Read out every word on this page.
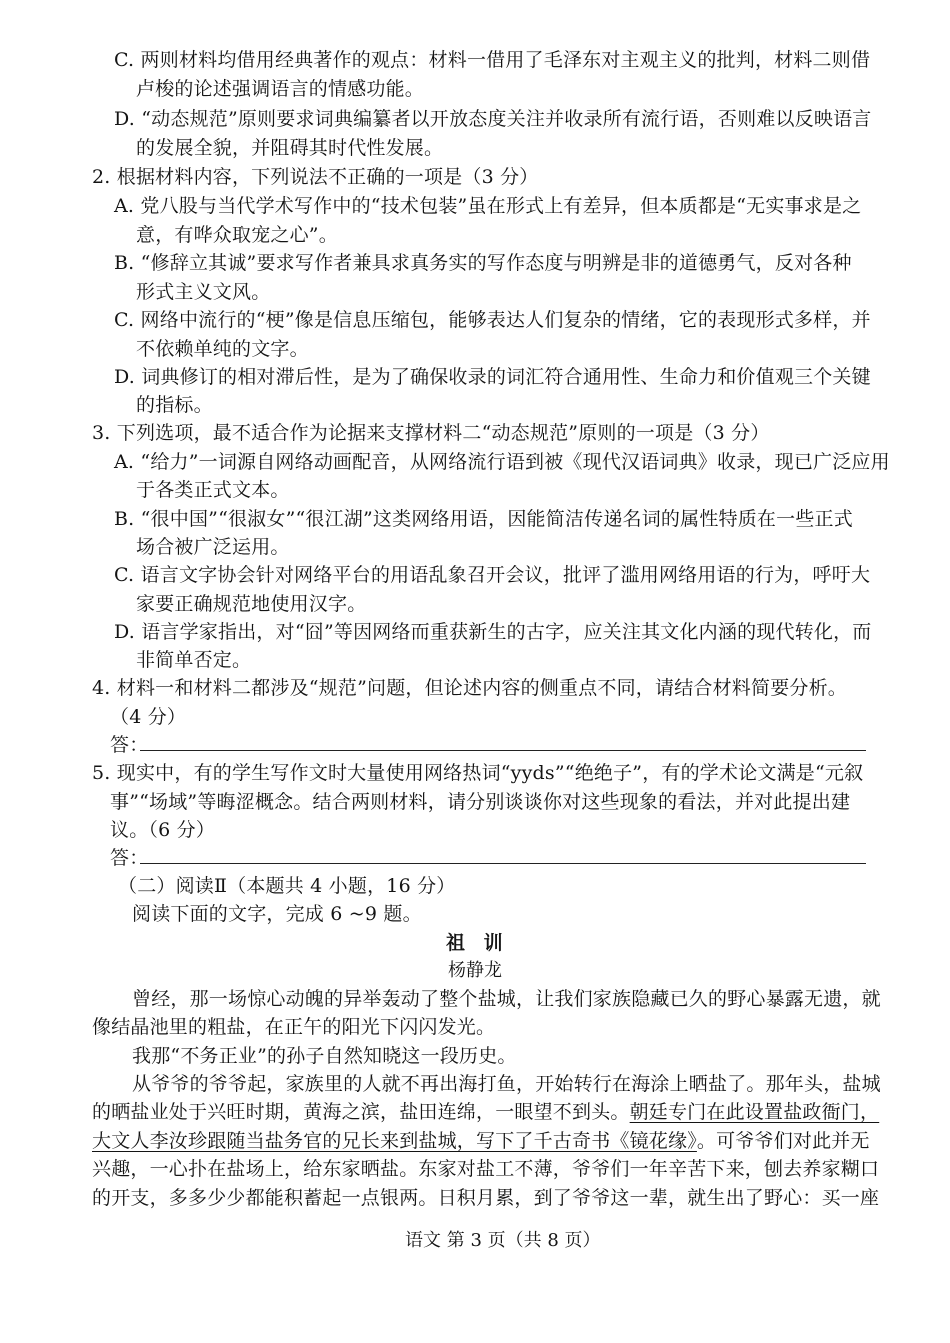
C. 两则材料均借用经典著作的观点：材料一借用了毛泽东对主观主义的批判，材料二则借
卢梭的论述强调语言的情感功能。
D. “动态规范”原则要求词典编纂者以开放态度关注并收录所有流行语，否则难以反映语言
的发展全貌，并阻碍其时代性发展。
2. 根据材料内容，下列说法不正确的一项是（3 分）
A. 党八股与当代学术写作中的“技术包装”虽在形式上有差异，但本质都是“无实事求是之
意，有哗众取宠之心”。
B. “修辞立其诚”要求写作者兼具求真务实的写作态度与明辨是非的道德勇气，反对各种
形式主义文风。
C. 网络中流行的“梗”像是信息压缩包，能够表达人们复杂的情绪，它的表现形式多样，并
不依赖单纯的文字。
D. 词典修订的相对滞后性，是为了确保收录的词汇符合通用性、生命力和价值观三个关键
的指标。
3. 下列选项，最不适合作为论据来支撑材料二“动态规范”原则的一项是（3 分）
A. “给力”一词源自网络动画配音，从网络流行语到被《现代汉语词典》收录，现已广泛应用
于各类正式文本。
B. “很中国”“很淑女”“很江湖”这类网络用语，因能简洁传递名词的属性特质在一些正式
场合被广泛运用。
C. 语言文字协会针对网络平台的用语乱象召开会议，批评了滥用网络用语的行为，呼吁大
家要正确规范地使用汉字。
D. 语言学家指出，对“囧”等因网络而重获新生的古字，应关注其文化内涵的现代转化，而
非简单否定。
4. 材料一和材料二都涉及“规范”问题，但论述内容的侧重点不同，请结合材料简要分析。
（4 分）
答：
5. 现实中，有的学生写作文时大量使用网络热词“yyds”“绝绝子”，有的学术论文满是“元叙
事”“场域”等晦涩概念。结合两则材料，请分别谈谈你对这些现象的看法，并对此提出建
议。（6 分）
答：
（二）阅读Ⅱ（本题共 4 小题，16 分）
阅读下面的文字，完成 6 ~9 题。
祖 训
杨静龙
曾经，那一场惊心动魄的异举轰动了整个盐城，让我们家族隐藏已久的野心暴露无遗，就
像结晶池里的粗盐，在正午的阳光下闪闪发光。
我那“不务正业”的孙子自然知晓这一段历史。
从爷爷的爷爷起，家族里的人就不再出海打鱼，开始转行在海涂上晒盐了。那年头，盐城
的晒盐业处于兴旺时期，黄海之滨，盐田连绵，一眼望不到头。朝廷专门在此设置盐政衙门，
大文人李汝珍跟随当盐务官的兄长来到盐城，写下了千古奇书《镜花缘》。可爷爷们对此并无
兴趣，一心扑在盐场上，给东家晒盐。东家对盐工不薄，爷爷们一年辛苦下来，刨去养家糊口
的开支，多多少少都能积蓄起一点银两。日积月累，到了爷爷这一辈，就生出了野心：买一座
语文 第 3 页（共 8 页）
